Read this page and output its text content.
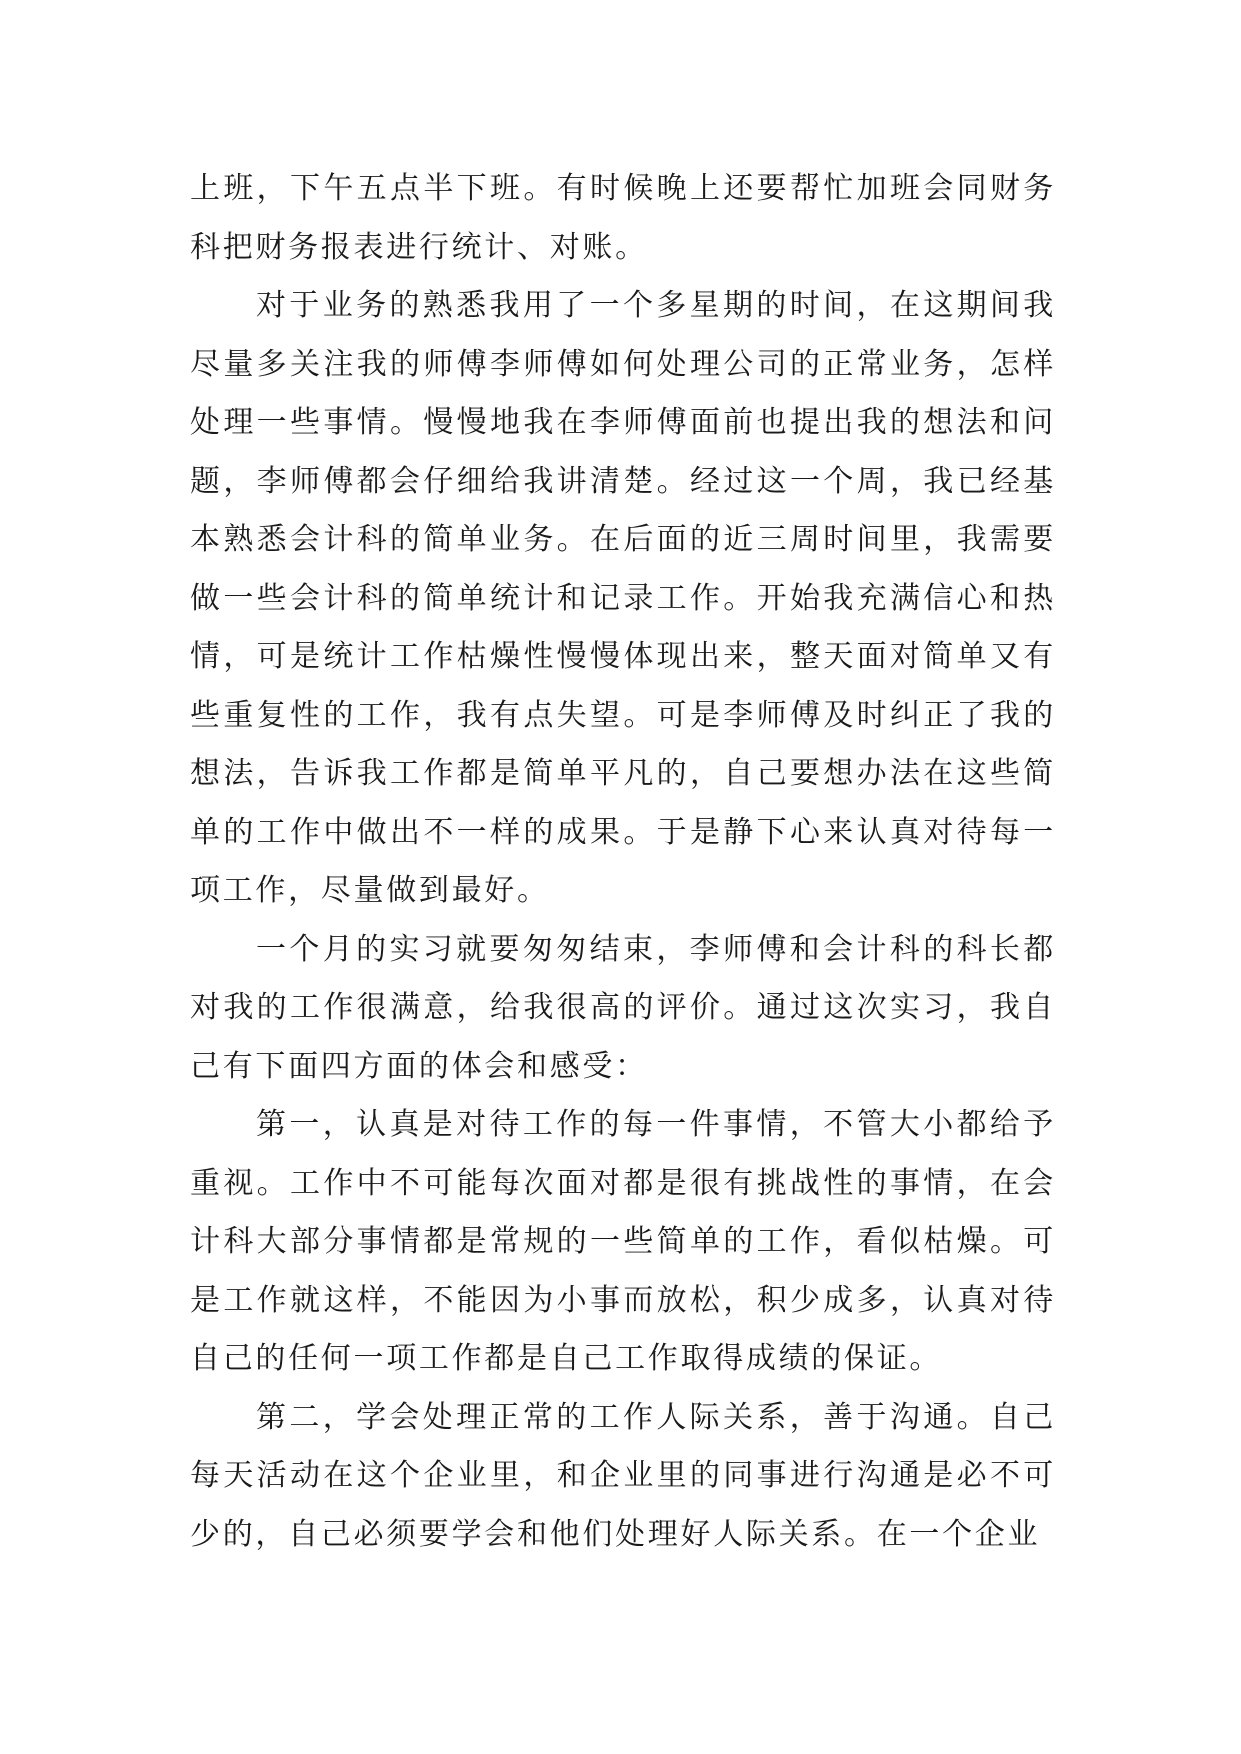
上班，下午五点半下班。有时候晚上还要帮忙加班会同财务科把财务报表进行统计、对账。

对于业务的熟悉我用了一个多星期的时间，在这期间我尽量多关注我的师傅李师傅如何处理公司的正常业务，怎样处理一些事情。慢慢地我在李师傅面前也提出我的想法和问题，李师傅都会仔细给我讲清楚。经过这一个周，我已经基本熟悉会计科的简单业务。在后面的近三周时间里，我需要做一些会计科的简单统计和记录工作。开始我充满信心和热情，可是统计工作枯燥性慢慢体现出来，整天面对简单又有些重复性的工作，我有点失望。可是李师傅及时纠正了我的想法，告诉我工作都是简单平凡的，自己要想办法在这些简单的工作中做出不一样的成果。于是静下心来认真对待每一项工作，尽量做到最好。

一个月的实习就要匆匆结束，李师傅和会计科的科长都对我的工作很满意，给我很高的评价。通过这次实习，我自己有下面四方面的体会和感受：

第一，认真是对待工作的每一件事情，不管大小都给予重视。工作中不可能每次面对都是很有挑战性的事情，在会计科大部分事情都是常规的一些简单的工作，看似枯燥。可是工作就这样，不能因为小事而放松，积少成多，认真对待自己的任何一项工作都是自己工作取得成绩的保证。

第二，学会处理正常的工作人际关系，善于沟通。自己每天活动在这个企业里，和企业里的同事进行沟通是必不可少的，自己必须要学会和他们处理好人际关系。在一个企业
